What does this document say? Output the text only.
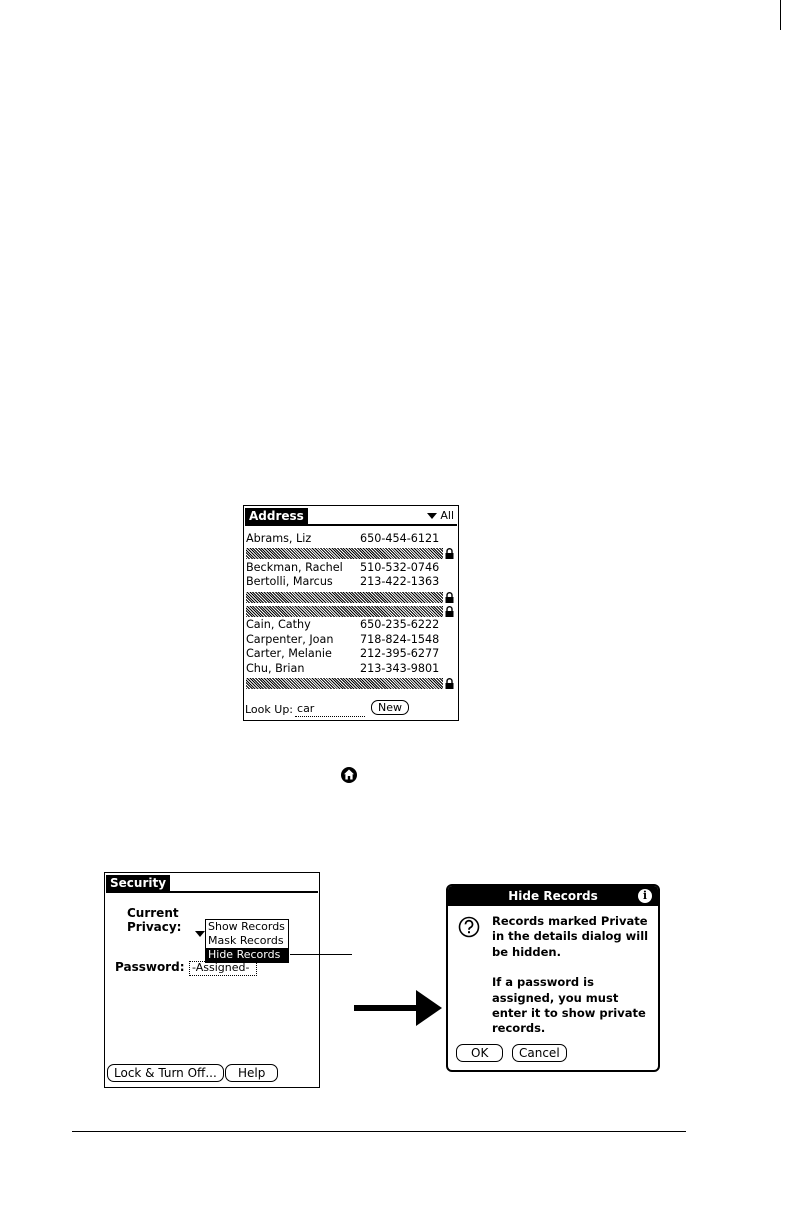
Address	All
Abrams, Liz	650-454-6121
Beckman, Rachel 510-532-0746
Bertolli, Marcus 213-422-1363
Cain, Cathy	650-235-6222
Carpenter, Joan 718-824-1548
Carter, Melanie	212-395-6277
Chu, Brian	213-343-9801
Look Up: car	New
Security
Current
Privacy: Show Records
Mask Records
Hide Records
Password: -Assigned-
Lock & Turn Off...	Help
Hide Records	i

Records marked Private in the details dialog will be hidden.

If a password is assigned, you must enter it to show private records.

OK	Cancel
